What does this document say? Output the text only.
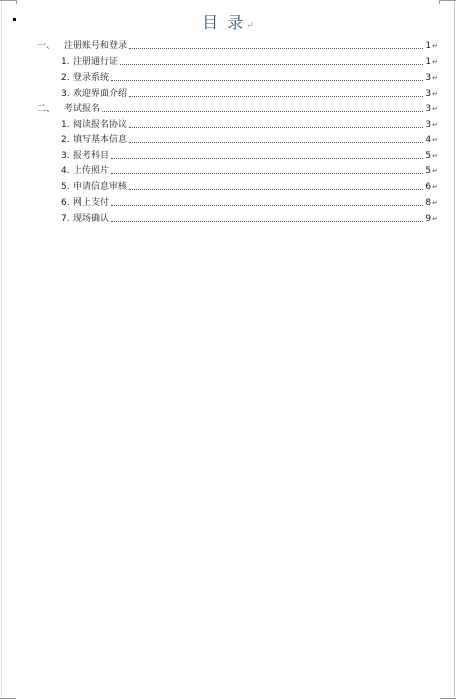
目 录↵
一、 注册账号和登录	1 ↵
1. 注册通行证	1 ↵
2. 登录系统	3 ↵
3. 欢迎界面介绍	3 ↵
二、 考试报名	3 ↵
1. 阅读报名协议	3 ↵
2. 填写基本信息	4 ↵
3. 报考科目	5 ↵
4. 上传照片	5 ↵
5. 申请信息审核	6 ↵
6. 网上支付	8 ↵
7. 现场确认	9 ↵
